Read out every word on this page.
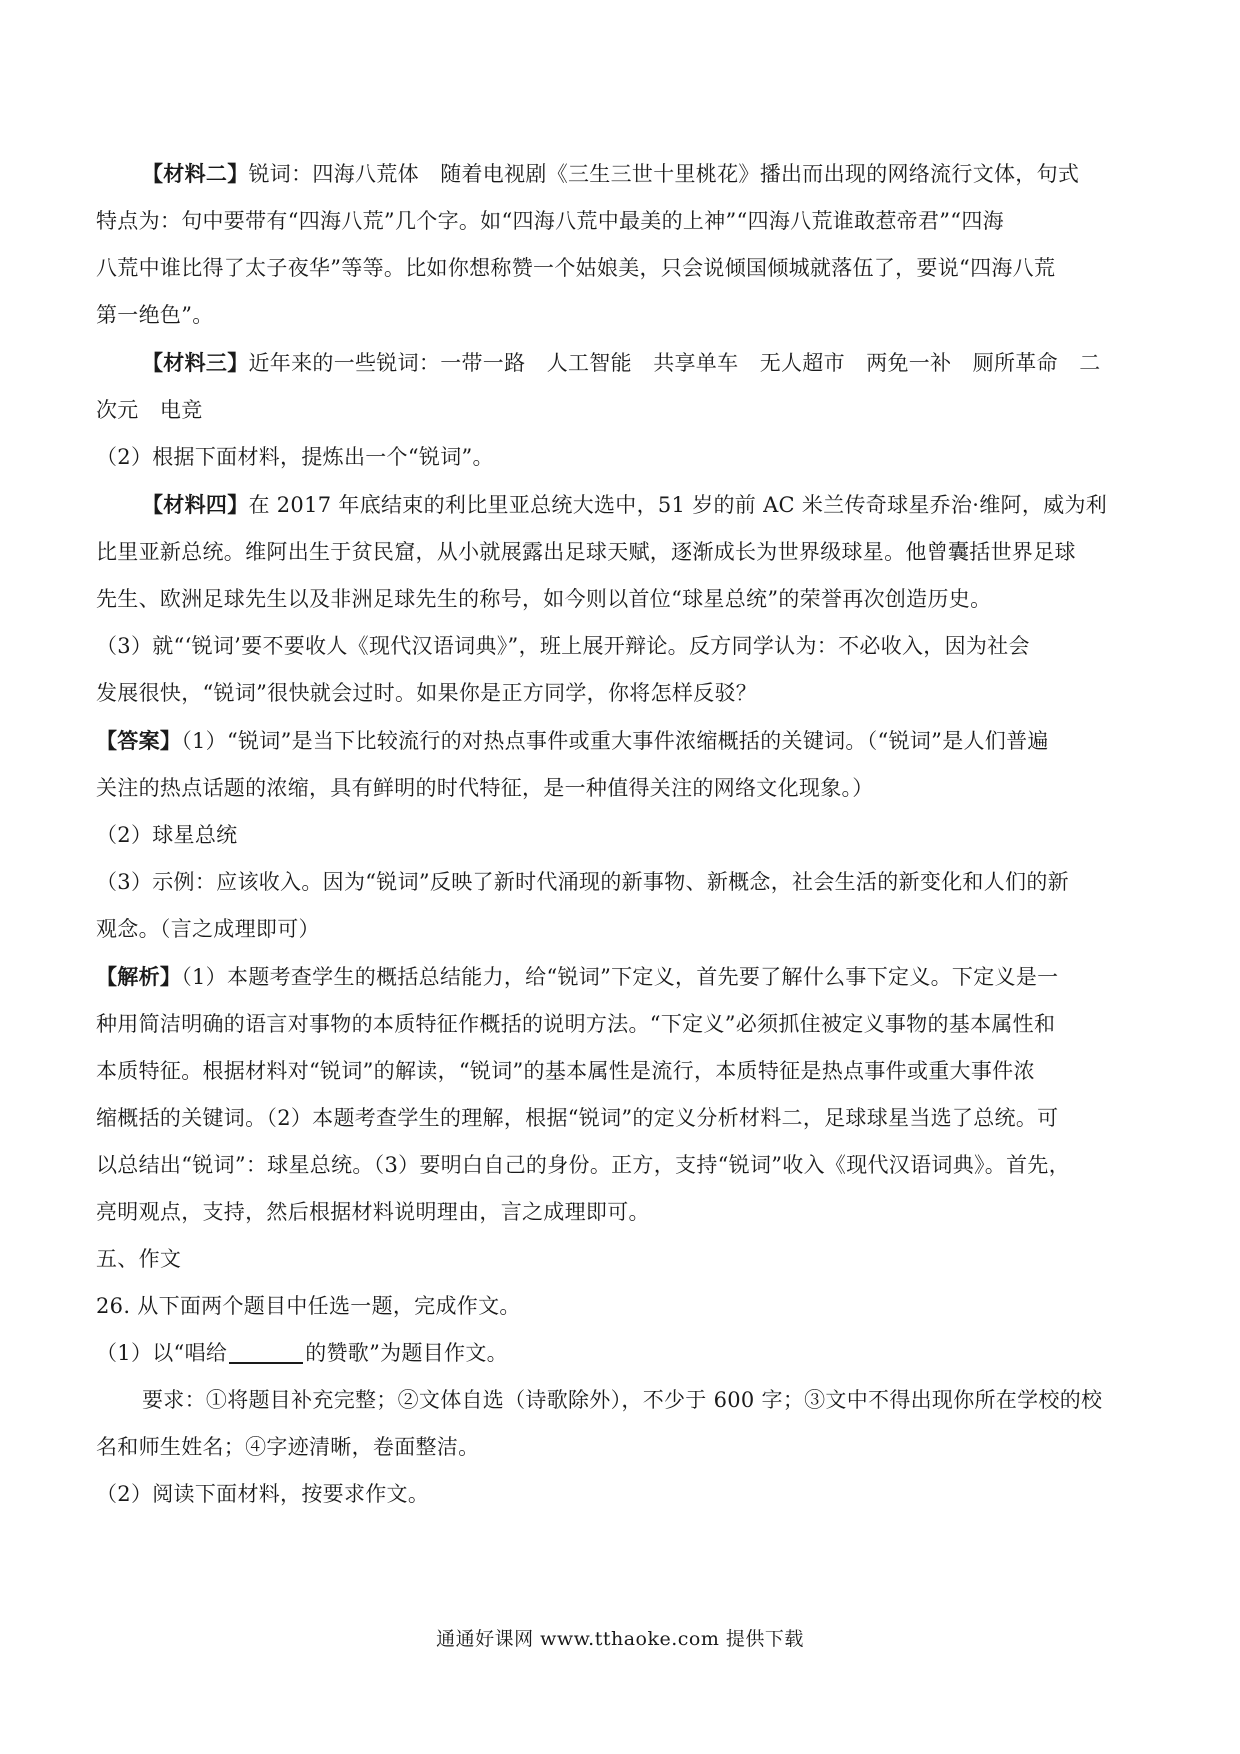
【材料二】锐词：四海八荒体　随着电视剧《三生三世十里桃花》播出而出现的网络流行文体，句式
特点为：句中要带有“四海八荒”几个字。如“四海八荒中最美的上神”“四海八荒谁敢惹帝君”“四海
八荒中谁比得了太子夜华”等等。比如你想称赞一个姑娘美，只会说倾国倾城就落伍了，要说“四海八荒
第一绝色”。
【材料三】近年来的一些锐词：一带一路　人工智能　共享单车　无人超市　两免一补　厕所革命　二
次元　电竞
（2）根据下面材料，提炼出一个“锐词”。
【材料四】在 2017 年底结束的利比里亚总统大选中，51 岁的前 AC 米兰传奇球星乔治·维阿，威为利
比里亚新总统。维阿出生于贫民窟，从小就展露出足球天赋，逐渐成长为世界级球星。他曾囊括世界足球
先生、欧洲足球先生以及非洲足球先生的称号，如今则以首位“球星总统”的荣誉再次创造历史。
（3）就“‘锐词’要不要收人《现代汉语词典》”，班上展开辩论。反方同学认为：不必收入，因为社会
发展很快，“锐词”很快就会过时。如果你是正方同学，你将怎样反驳？
【答案】（1）“锐词”是当下比较流行的对热点事件或重大事件浓缩概括的关键词。（“锐词”是人们普遍
关注的热点话题的浓缩，具有鲜明的时代特征，是一种值得关注的网络文化现象。）
（2）球星总统
（3）示例：应该收入。因为“锐词”反映了新时代涌现的新事物、新概念，社会生活的新变化和人们的新
观念。（言之成理即可）
【解析】（1）本题考查学生的概括总结能力，给“锐词”下定义，首先要了解什么事下定义。下定义是一
种用简洁明确的语言对事物的本质特征作概括的说明方法。“下定义”必须抓住被定义事物的基本属性和
本质特征。根据材料对“锐词”的解读，“锐词”的基本属性是流行，本质特征是热点事件或重大事件浓
缩概括的关键词。（2）本题考查学生的理解，根据“锐词”的定义分析材料二，足球球星当选了总统。可
以总结出“锐词”：球星总统。（3）要明白自己的身份。正方，支持“锐词”收入《现代汉语词典》。首先，
亮明观点，支持，然后根据材料说明理由，言之成理即可。
五、作文
26. 从下面两个题目中任选一题，完成作文。
（1）以“唱给	的赞歌”为题目作文。
要求：①将题目补充完整；②文体自选（诗歌除外），不少于 600 字；③文中不得出现你所在学校的校
名和师生姓名；④字迹清晰，卷面整洁。
（2）阅读下面材料，按要求作文。
通通好课网 www.tthaoke.com 提供下载
